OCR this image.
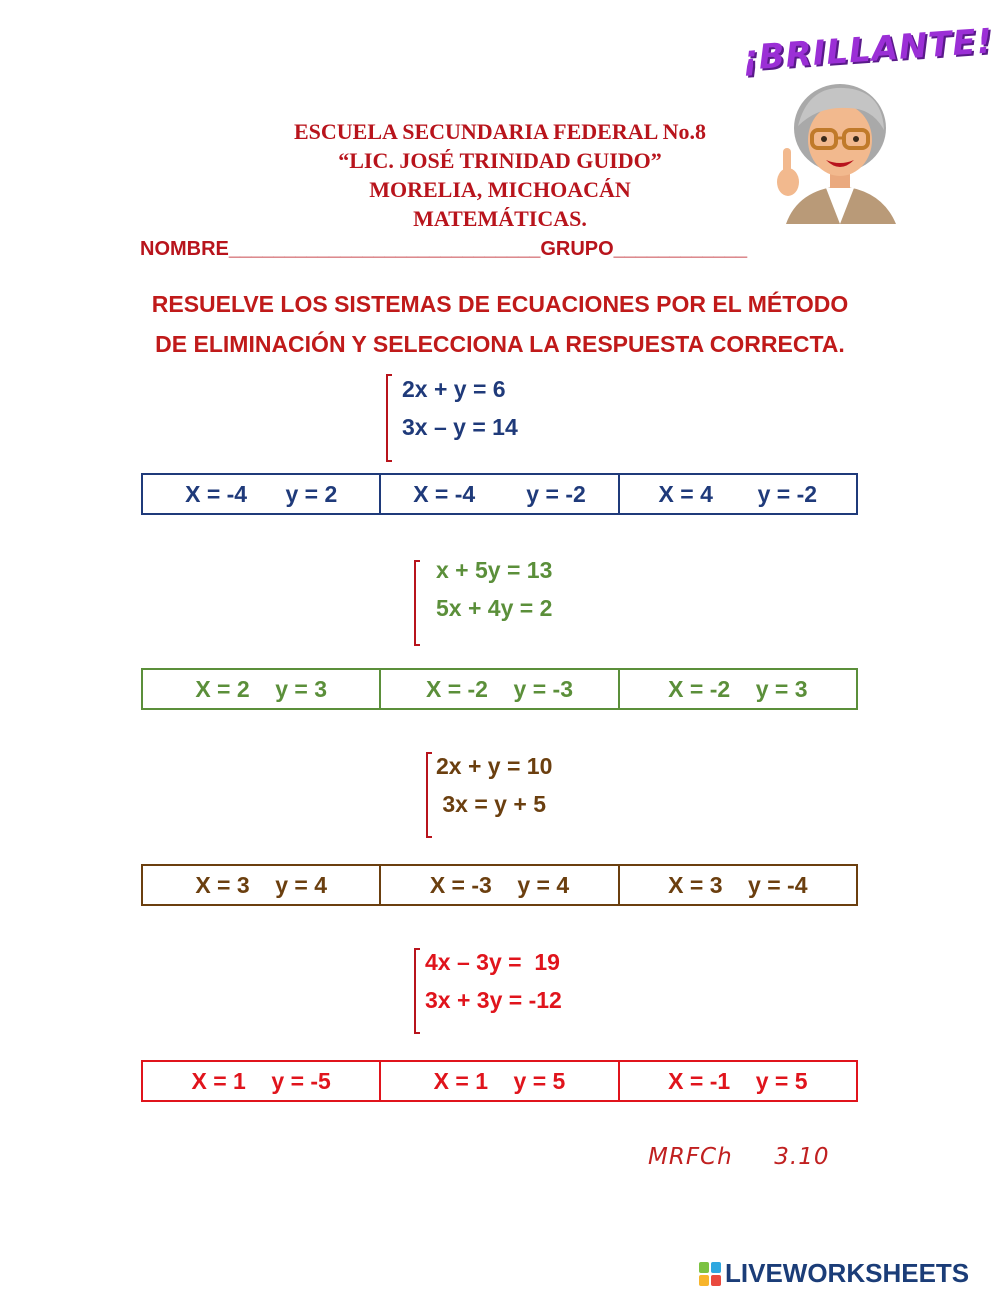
¡BRILLANTE!
ESCUELA SECUNDARIA FEDERAL No.8
“LIC. JOSÉ TRINIDAD GUIDO”
MORELIA, MICHOACÁN
MATEMÁTICAS.
NOMBRE____________________________GRUPO____________
RESUELVE LOS SISTEMAS DE ECUACIONES POR EL MÉTODO
DE ELIMINACIÓN Y SELECCIONA LA RESPUESTA CORRECTA.
2x + y = 6
3x – y = 14
X = -4      y = 2	X = -4        y = -2	X = 4       y = -2
x + 5y = 13
5x + 4y = 2
X = 2    y = 3	X = -2    y = -3	X = -2    y = 3
2x + y = 10
3x = y + 5
X = 3    y = 4	X = -3    y = 4	X = 3    y = -4
4x – 3y =  19
3x + 3y = -12
X = 1    y = -5	X = 1    y = 5	X = -1    y = 5
MRFCh     3.10
LIVEWORKSHEETS
